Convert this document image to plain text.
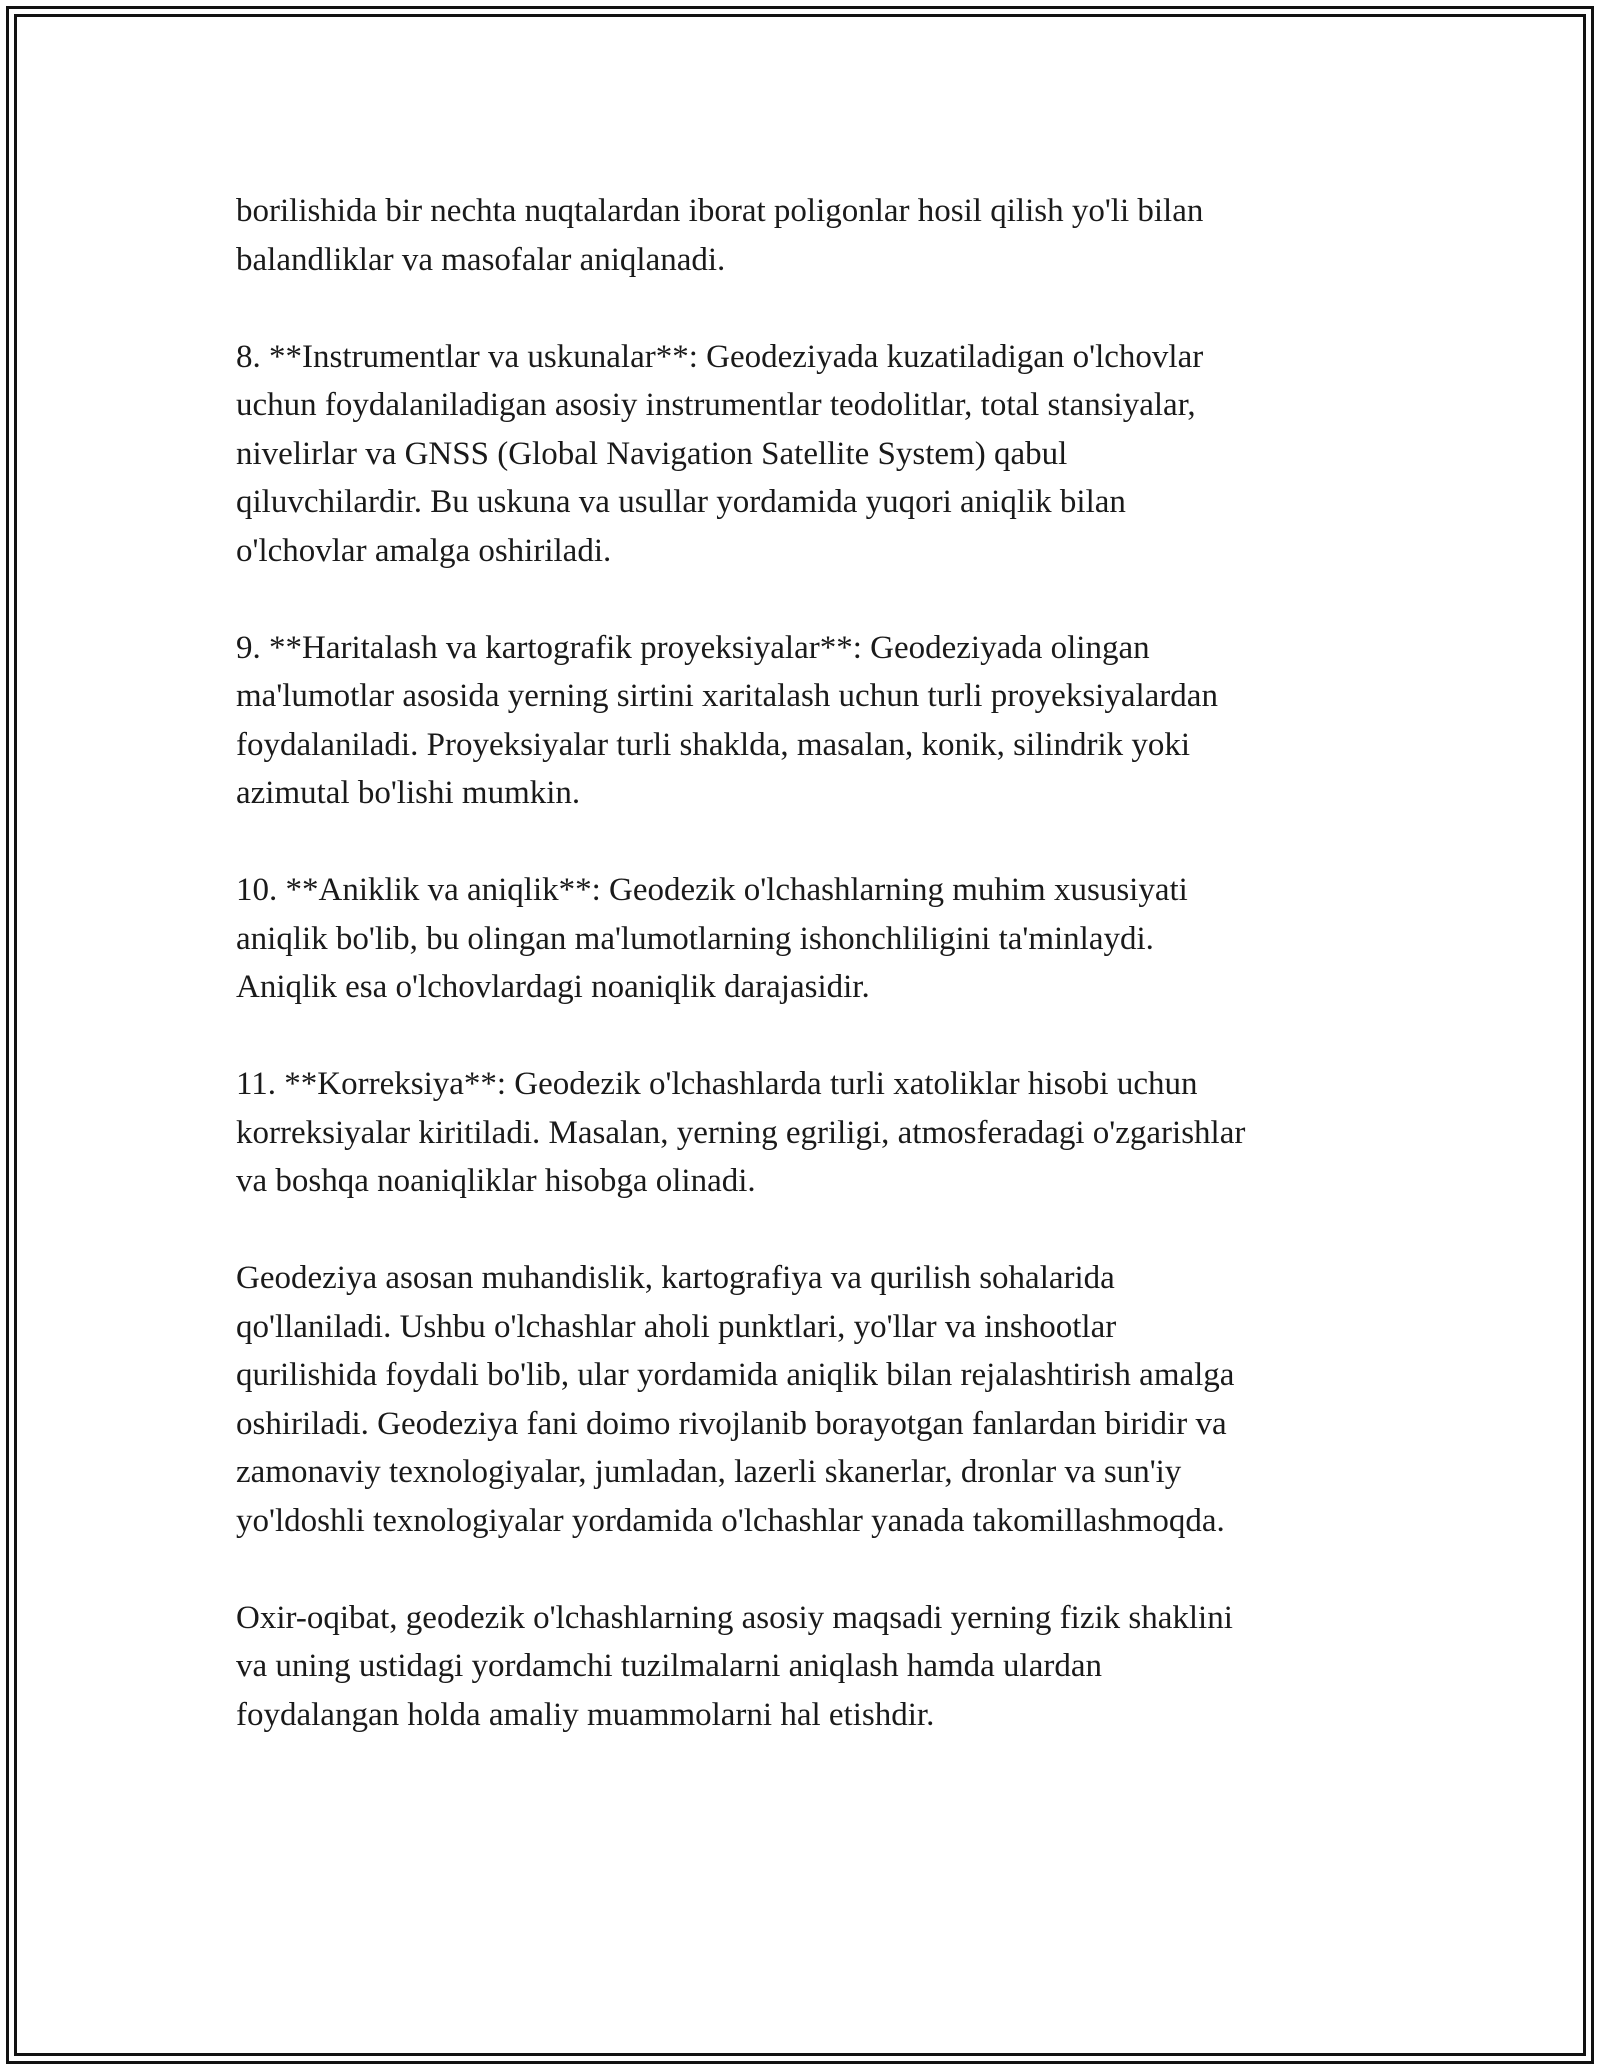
borilishida bir nechta nuqtalardan iborat poligonlar hosil qilish yo'li bilan
balandliklar va masofalar aniqlanadi.

8. **Instrumentlar va uskunalar**: Geodeziyada kuzatiladigan o'lchovlar
uchun foydalaniladigan asosiy instrumentlar teodolitlar, total stansiyalar,
nivelirlar va GNSS (Global Navigation Satellite System) qabul
qiluvchilardir. Bu uskuna va usullar yordamida yuqori aniqlik bilan
o'lchovlar amalga oshiriladi.

9. **Haritalash va kartografik proyeksiyalar**: Geodeziyada olingan
ma'lumotlar asosida yerning sirtini xaritalash uchun turli proyeksiyalardan
foydalaniladi. Proyeksiyalar turli shakldа, masalan, konik, silindrik yoki
azimutal bo'lishi mumkin.

10. **Aniklik va aniqlik**: Geodezik o'lchashlarning muhim xususiyati
aniqlik bo'lib, bu olingan ma'lumotlarning ishonchliligini ta'minlaydi.
Aniqlik esa o'lchovlardagi noaniqlik darajasidir.

11. **Korreksiya**: Geodezik o'lchashlarda turli xatoliklar hisobi uchun
korreksiyalar kiritiladi. Masalan, yerning egriligi, atmosferadagi o'zgarishlar
va boshqa noaniqliklar hisobga olinadi.

Geodeziya asosan muhandislik, kartografiya va qurilish sohalarida
qo'llaniladi. Ushbu o'lchashlar aholi punktlari, yo'llar va inshootlar
qurilishida foydali bo'lib, ular yordamida aniqlik bilan rejalashtirish amalga
oshiriladi. Geodeziya fani doimo rivojlanib borayotgan fanlardan biridir va
zamonaviy texnologiyalar, jumladan, lazerli skanerlar, dronlar va sun'iy
yo'ldoshli texnologiyalar yordamida o'lchashlar yanada takomillashmoqda.

Oxir-oqibat, geodezik o'lchashlarning asosiy maqsadi yerning fizik shaklini
va uning ustidagi yordamchi tuzilmalarni aniqlash hamda ulardan
foydalangan holda amaliy muammolarni hal etishdir.
